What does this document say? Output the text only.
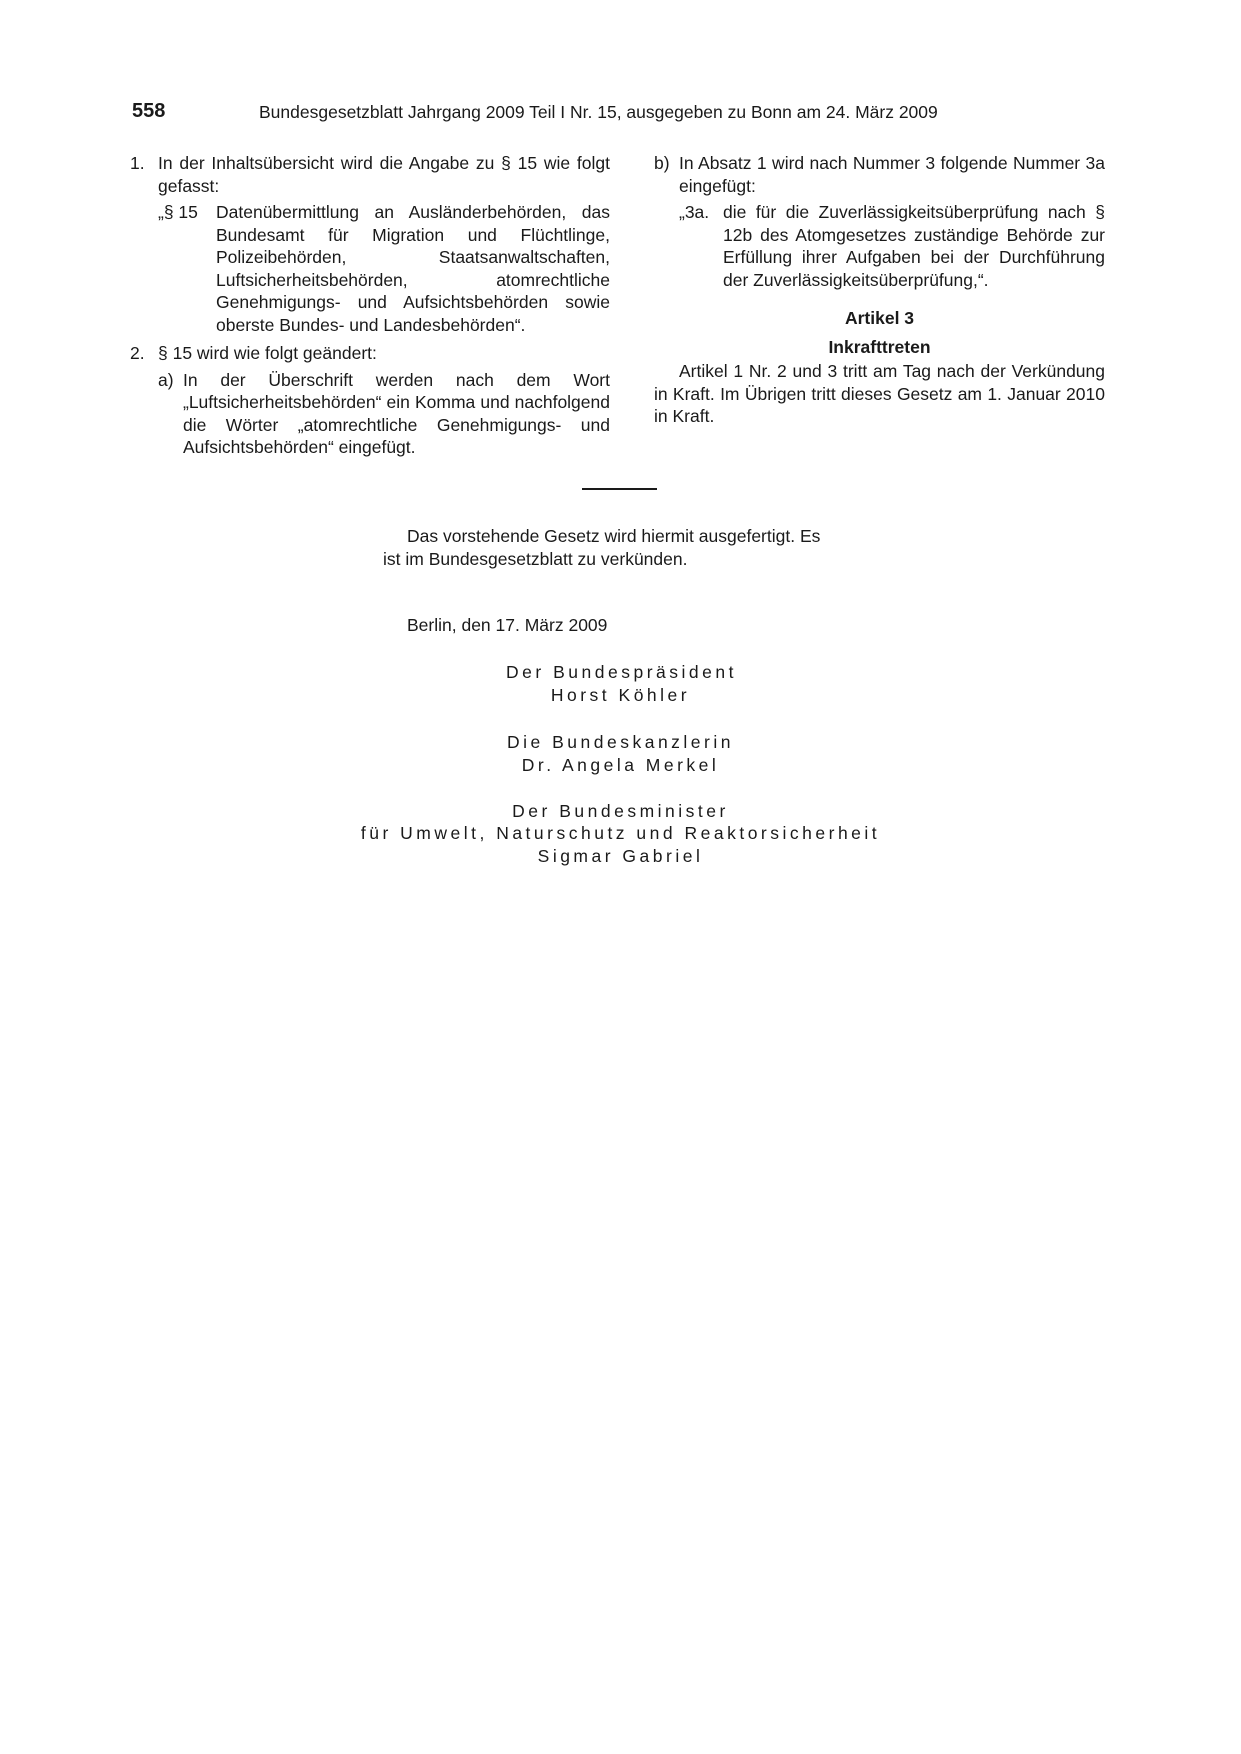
558	Bundesgesetzblatt Jahrgang 2009 Teil I Nr. 15, ausgegeben zu Bonn am 24. März 2009
1. In der Inhaltsübersicht wird die Angabe zu § 15 wie folgt gefasst:
„§ 15 Datenübermittlung an Ausländerbehörden, das Bundesamt für Migration und Flüchtlinge, Polizeibehörden, Staatsanwaltschaften, Luftsicherheitsbehörden, atomrechtliche Genehmigungs- und Aufsichtsbehörden sowie oberste Bundes- und Landesbehörden“.
2. § 15 wird wie folgt geändert:
a) In der Überschrift werden nach dem Wort „Luftsicherheitsbehörden“ ein Komma und nachfolgend die Wörter „atomrechtliche Genehmigungs- und Aufsichtsbehörden“ eingefügt.
b) In Absatz 1 wird nach Nummer 3 folgende Nummer 3a eingefügt:
„3a. die für die Zuverlässigkeitsüberprüfung nach § 12b des Atomgesetzes zuständige Behörde zur Erfüllung ihrer Aufgaben bei der Durchführung der Zuverlässigkeitsüberprüfung,“.
Artikel 3
Inkrafttreten
Artikel 1 Nr. 2 und 3 tritt am Tag nach der Verkündung in Kraft. Im Übrigen tritt dieses Gesetz am 1. Januar 2010 in Kraft.
Das vorstehende Gesetz wird hiermit ausgefertigt. Es
ist im Bundesgesetzblatt zu verkünden.
Berlin, den 17. März 2009
Der Bundespräsident
Horst Köhler
Die Bundeskanzlerin
Dr. Angela Merkel
Der Bundesminister
für Umwelt, Naturschutz und Reaktorsicherheit
Sigmar Gabriel
